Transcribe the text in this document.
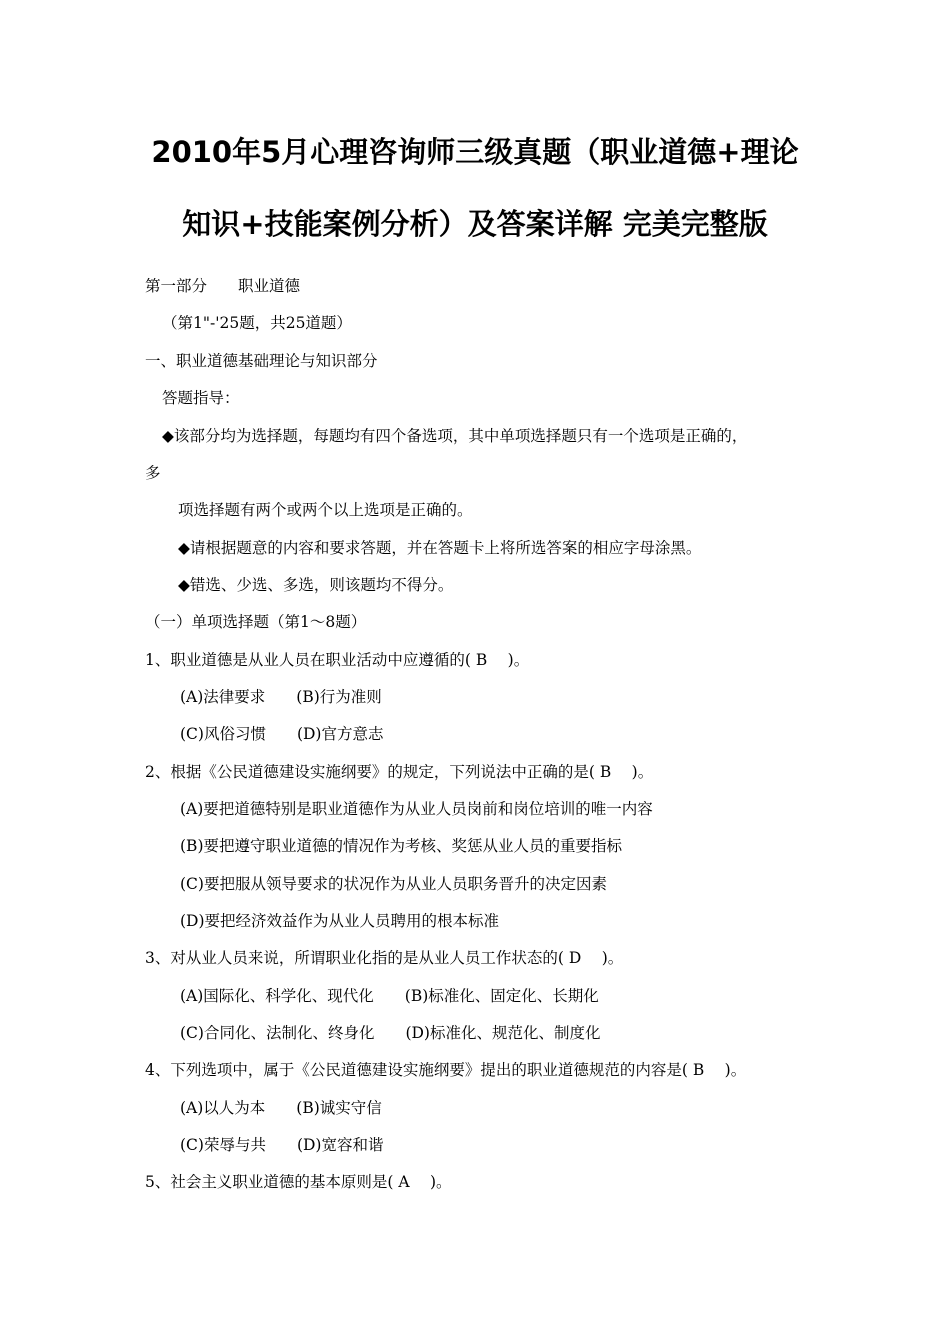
2010年5月心理咨询师三级真题（职业道德+理论
知识+技能案例分析）及答案详解 完美完整版
第一部分　　职业道德
（第1"-'25题，共25道题）
一、职业道德基础理论与知识部分
答题指导：
◆该部分均为选择题，每题均有四个备选项，其中单项选择题只有一个选项是正确的，
多
项选择题有两个或两个以上选项是正确的。
◆请根据题意的内容和要求答题，并在答题卡上将所选答案的相应字母涂黑。
◆错选、少选、多选，则该题均不得分。
（一）单项选择题（第1～8题）
1、职业道德是从业人员在职业活动中应遵循的( B　 )。
(A)法律要求　　(B)行为准则
(C)风俗习惯　　(D)官方意志
2、根据《公民道德建设实施纲要》的规定，下列说法中正确的是( B　 )。
(A)要把道德特别是职业道德作为从业人员岗前和岗位培训的唯一内容
(B)要把遵守职业道德的情况作为考核、奖惩从业人员的重要指标
(C)要把服从领导要求的状况作为从业人员职务晋升的决定因素
(D)要把经济效益作为从业人员聘用的根本标准
3、对从业人员来说，所谓职业化指的是从业人员工作状态的( D　 )。
(A)国际化、科学化、现代化　　(B)标准化、固定化、长期化
(C)合同化、法制化、终身化　　(D)标准化、规范化、制度化
4、下列选项中，属于《公民道德建设实施纲要》提出的职业道德规范的内容是( B　 )。
(A)以人为本　　(B)诚实守信
(C)荣辱与共　　(D)宽容和谐
5、社会主义职业道德的基本原则是( A　 )。
